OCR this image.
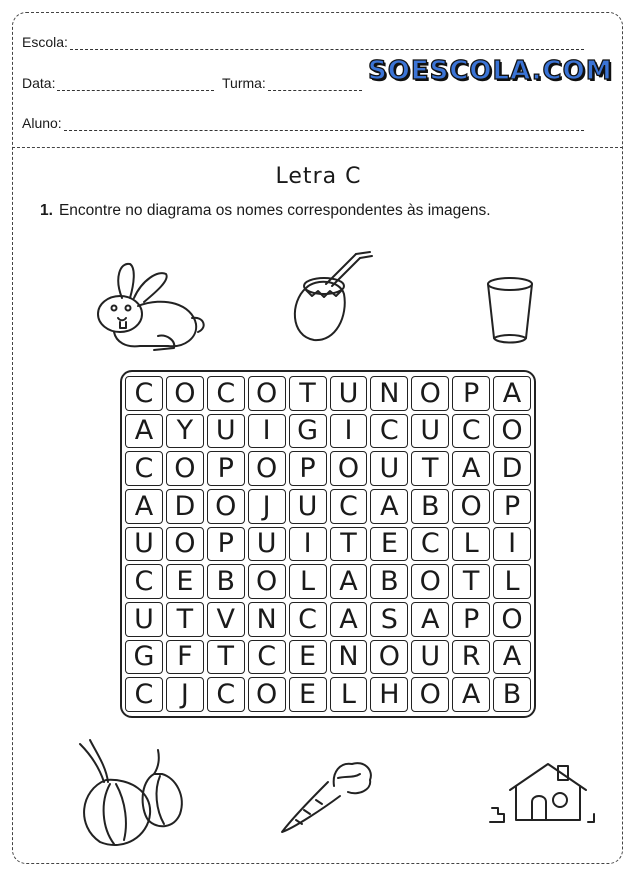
Escola:
Data:	Turma:
Aluno:
SOESCOLA.COM
Letra C
1. Encontre no diagrama os nomes correspondentes às imagens.
C O C O T U N O P A
A Y U	I G I	C U C O
C O P O P O U T A D
A D O J	U C A B O P
U O P U	I	T E C L	I
C E B O L A B O T L
U T V N C A S A P O
G F T C E N O U R A
C	J	C O E L H O A B
